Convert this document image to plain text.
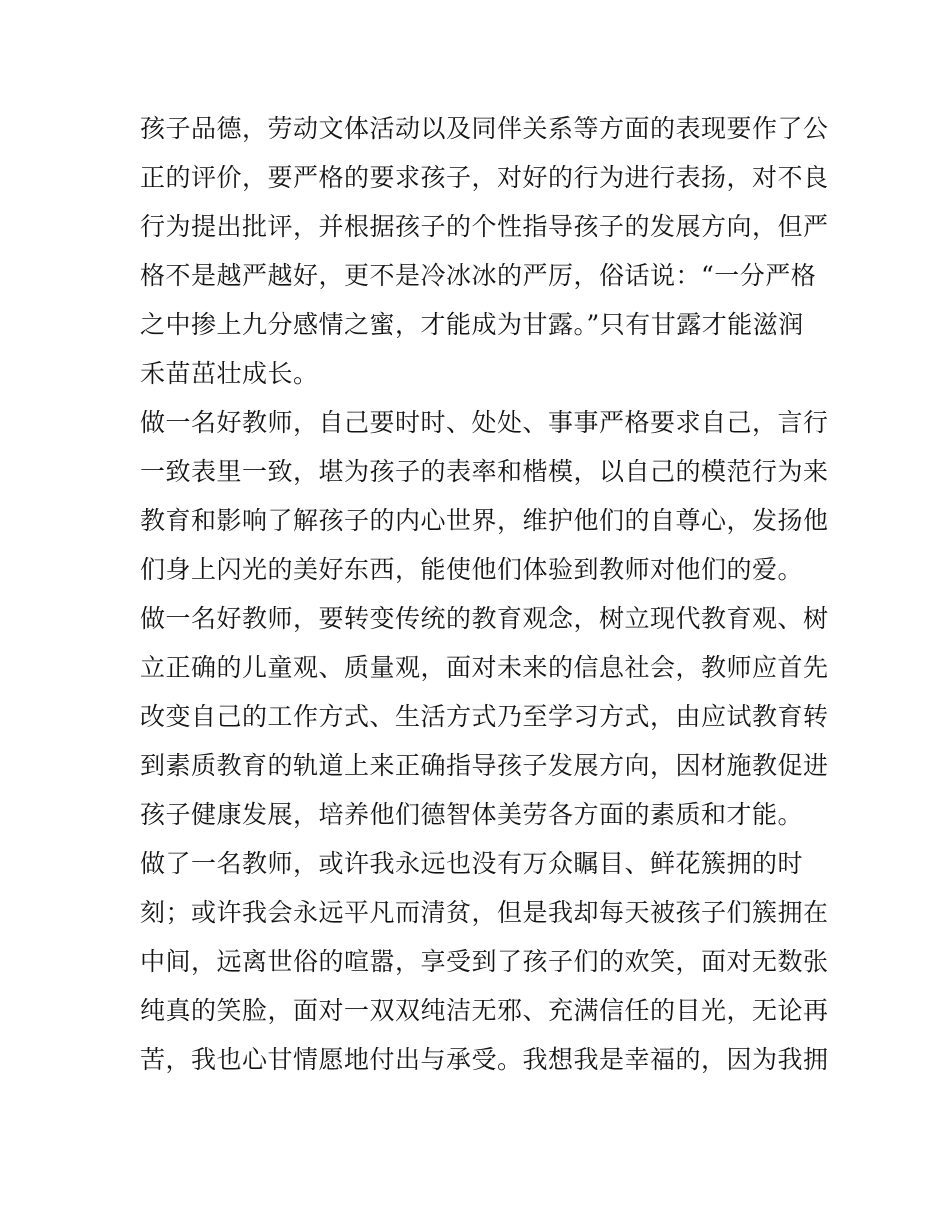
孩子品德，劳动文体活动以及同伴关系等方面的表现要作了公
正的评价，要严格的要求孩子，对好的行为进行表扬，对不良
行为提出批评，并根据孩子的个性指导孩子的发展方向，但严
格不是越严越好，更不是冷冰冰的严厉，俗话说：“一分严格
之中掺上九分感情之蜜，才能成为甘露。”只有甘露才能滋润
禾苗茁壮成长。
做一名好教师，自己要时时、处处、事事严格要求自己，言行
一致表里一致，堪为孩子的表率和楷模，以自己的模范行为来
教育和影响了解孩子的内心世界，维护他们的自尊心，发扬他
们身上闪光的美好东西，能使他们体验到教师对他们的爱。
做一名好教师，要转变传统的教育观念，树立现代教育观、树
立正确的儿童观、质量观，面对未来的信息社会，教师应首先
改变自己的工作方式、生活方式乃至学习方式，由应试教育转
到素质教育的轨道上来正确指导孩子发展方向，因材施教促进
孩子健康发展，培养他们德智体美劳各方面的素质和才能。
做了一名教师，或许我永远也没有万众瞩目、鲜花簇拥的时
刻；或许我会永远平凡而清贫，但是我却每天被孩子们簇拥在
中间，远离世俗的喧嚣，享受到了孩子们的欢笑，面对无数张
纯真的笑脸，面对一双双纯洁无邪、充满信任的目光，无论再
苦，我也心甘情愿地付出与承受。我想我是幸福的，因为我拥
